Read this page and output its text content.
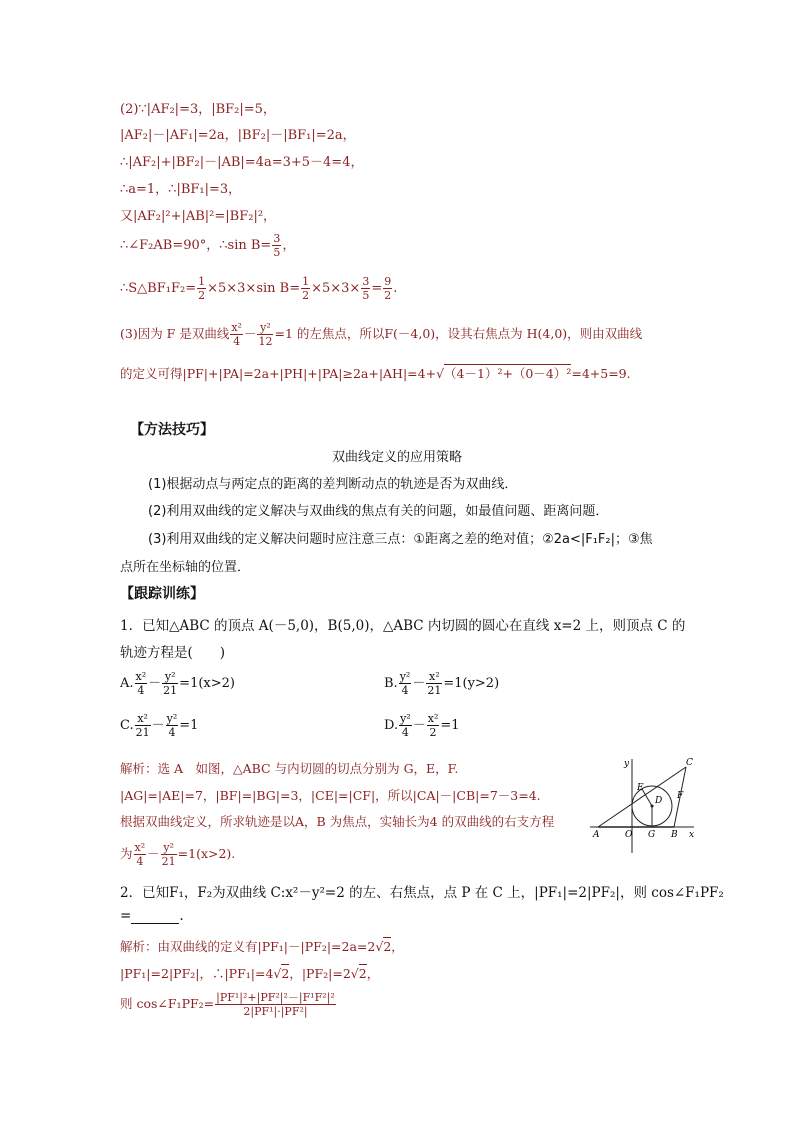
(2)∵|AF₂|=3，|BF₂|=5，
|AF₂|－|AF₁|=2a，|BF₂|－|BF₁|=2a，
∴|AF₂|+|BF₂|－|AB|=4a=3+5－4=4，
∴a=1，∴|BF₁|=3，
又|AF₂|²+|AB|²=|BF₂|²，
∴∠F₂AB=90°，∴sin $B= \frac{3}{5}$ ，
∴S△BF₁F₂= $\frac{1}{2} \times 5\times 3\times\sin$ $B= \frac{1}{2} \times 5\times 3\times \frac{3}{5} = \frac{9}{2}$ .
(3)因为 F 是双曲线 $\frac{\text{x²}}{4} - \frac{\text{y²}}{12} =1$ 的左焦点，所以F(－4,0)，设其右焦点为 H(4,0)，则由双曲线
的定义可得|PF|+|PA|=2a+|PH|+|PA|≥2a+|AH|=4+√（4－1）²+（0－4）²=4+5=9.
【方法技巧】
双曲线定义的应用策略
(1)根据动点与两定点的距离的差判断动点的轨迹是否为双曲线．
(2)利用双曲线的定义解决与双曲线的焦点有关的问题，如最值问题、距离问题．
(3)利用双曲线的定义解决问题时应注意三点：①距离之差的绝对值；②2a<|F₁F₂|；③焦
点所在坐标轴的位置．
【跟踪训练】
1．已知△ABC 的顶点 A(－5,0)，B(5,0)，△ABC 内切圆的圆心在直线 x=2 上，则顶点 C 的
轨迹方程是(　　)
A. $\frac{\text{x²}}{4} - \frac{\text{y²}}{21} =1(x>2)$	B. $\frac{\text{y²}}{4} - \frac{\text{x²}}{21} =1(y>2)$
C. $\frac{\text{x²}}{21} - \frac{\text{y²}}{4} =1$	D. $\frac{\text{y²}}{4} - \frac{\text{x²}}{2} =1$
解析：选 A　如图，△ABC 与内切圆的切点分别为 G，E，F.
|AG|=|AE|=7，|BF|=|BG|=3，|CE|=|CF|，所以|CA|－|CB|=7－3=4.
根据双曲线定义，所求轨迹是以A，B 为焦点，实轴长为4 的双曲线的右支方程
为 $\frac{\text{x²}}{4} - \frac{\text{y²}}{21} =1(x>2)$.
y	C
E
D F
A	O G B x
2．已知F₁，F₂为双曲线 C:x²－y²=2 的左、右焦点，点 P 在 C 上，|PF₁|=2|PF₂|，则 cos∠F₁PF₂
=	.
解析：由双曲线的定义有|PF₁|－|PF₂|=2a=2√2，
|PF₁|=2|PF₂|，∴|PF₁|=4√2，|PF₂|=2√2，
则 cos∠F₁PF₂= $\frac{\text{|PF¹|²+|PF²|²－|F¹F²|²}}{\text{2|PF¹|·|PF²|}}$
